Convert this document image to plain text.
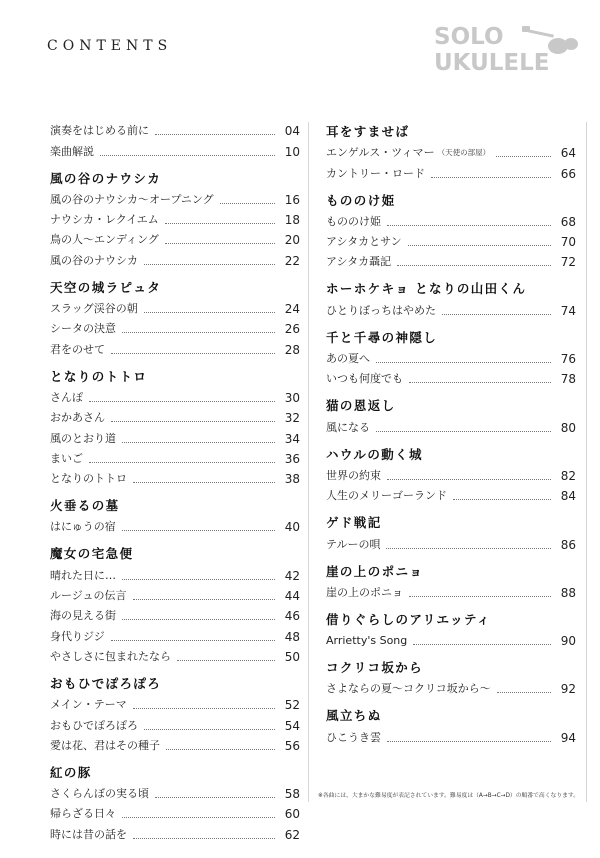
CONTENTS	SOLO
UKULELE
演奏をはじめる前に	04
楽曲解説	10
風の谷のナウシカ
風の谷のナウシカ〜オープニング	16
ナウシカ・レクイエム	18
鳥の人〜エンディング	20
風の谷のナウシカ	22
天空の城ラピュタ
スラッグ渓谷の朝	24
シータの決意	26
君をのせて	28
となりのトトロ
さんぽ	30
おかあさん	32
風のとおり道	34
まいご	36
となりのトトロ	38
火垂るの墓
はにゅうの宿	40
魔女の宅急便
晴れた日に…	42
ルージュの伝言	44
海の見える街	46
身代りジジ	48
やさしさに包まれたなら	50
おもひでぽろぽろ
メイン・テーマ	52
おもひでぽろぽろ	54
愛は花、君はその種子	56
紅の豚
さくらんぼの実る頃	58
帰らざる日々	60
時には昔の話を	62
耳をすませば
エンゲルス・ツィマー （天使の部屋）	64
カントリー・ロード	66
もののけ姫
もののけ姫	68
アシタカとサン	70
アシタカ聶記	72
ホーホケキョ となりの山田くん
ひとりぼっちはやめた	74
千と千尋の神隠し
あの夏へ	76
いつも何度でも	78
猫の恩返し
風になる	80
ハウルの動く城
世界の約束	82
人生のメリーゴーランド	84
ゲド戦記
テルーの唄	86
崖の上のポニョ
崖の上のポニョ	88
借りぐらしのアリエッティ
Arrietty's Song	90
コクリコ坂から
さよならの夏〜コクリコ坂から〜	92
風立ちぬ
ひこうき雲	94
※各曲には、大まかな難易度が表記されています。難易度は（A→B→C→D）の順番で高くなります。
